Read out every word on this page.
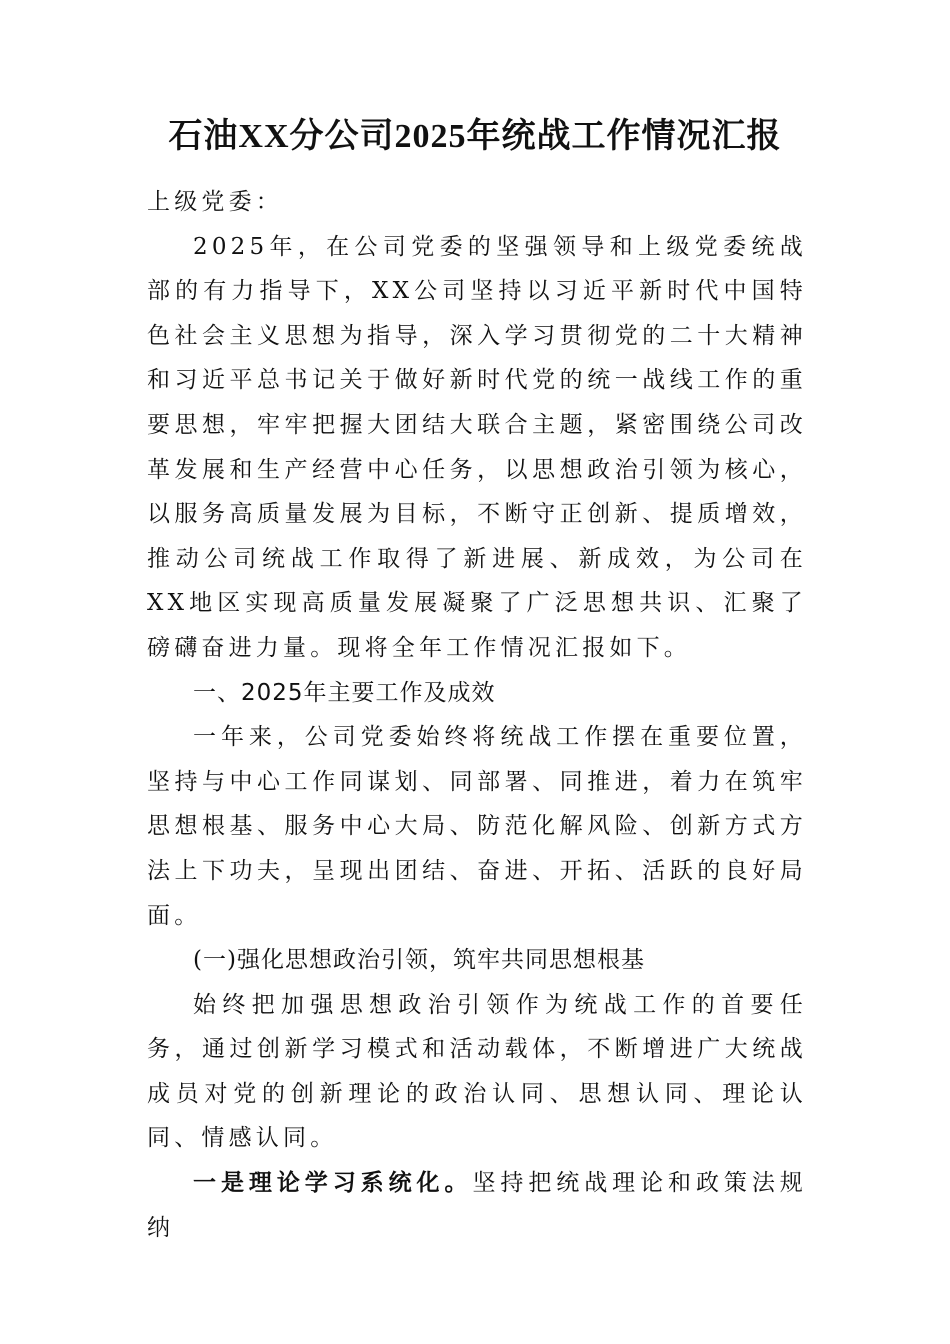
石油XX分公司2025年统战工作情况汇报

上级党委：

2025年，在公司党委的坚强领导和上级党委统战部的有力指导下，XX公司坚持以习近平新时代中国特色社会主义思想为指导，深入学习贯彻党的二十大精神和习近平总书记关于做好新时代党的统一战线工作的重要思想，牢牢把握大团结大联合主题，紧密围绕公司改革发展和生产经营中心任务，以思想政治引领为核心，以服务高质量发展为目标，不断守正创新、提质增效，推动公司统战工作取得了新进展、新成效，为公司在XX地区实现高质量发展凝聚了广泛思想共识、汇聚了磅礴奋进力量。现将全年工作情况汇报如下。

一、2025年主要工作及成效

一年来，公司党委始终将统战工作摆在重要位置，坚持与中心工作同谋划、同部署、同推进，着力在筑牢思想根基、服务中心大局、防范化解风险、创新方式方法上下功夫，呈现出团结、奋进、开拓、活跃的良好局面。

(一)强化思想政治引领，筑牢共同思想根基

始终把加强思想政治引领作为统战工作的首要任务，通过创新学习模式和活动载体，不断增进广大统战成员对党的创新理论的政治认同、思想认同、理论认同、情感认同。

一是理论学习系统化。坚持把统战理论和政策法规纳
